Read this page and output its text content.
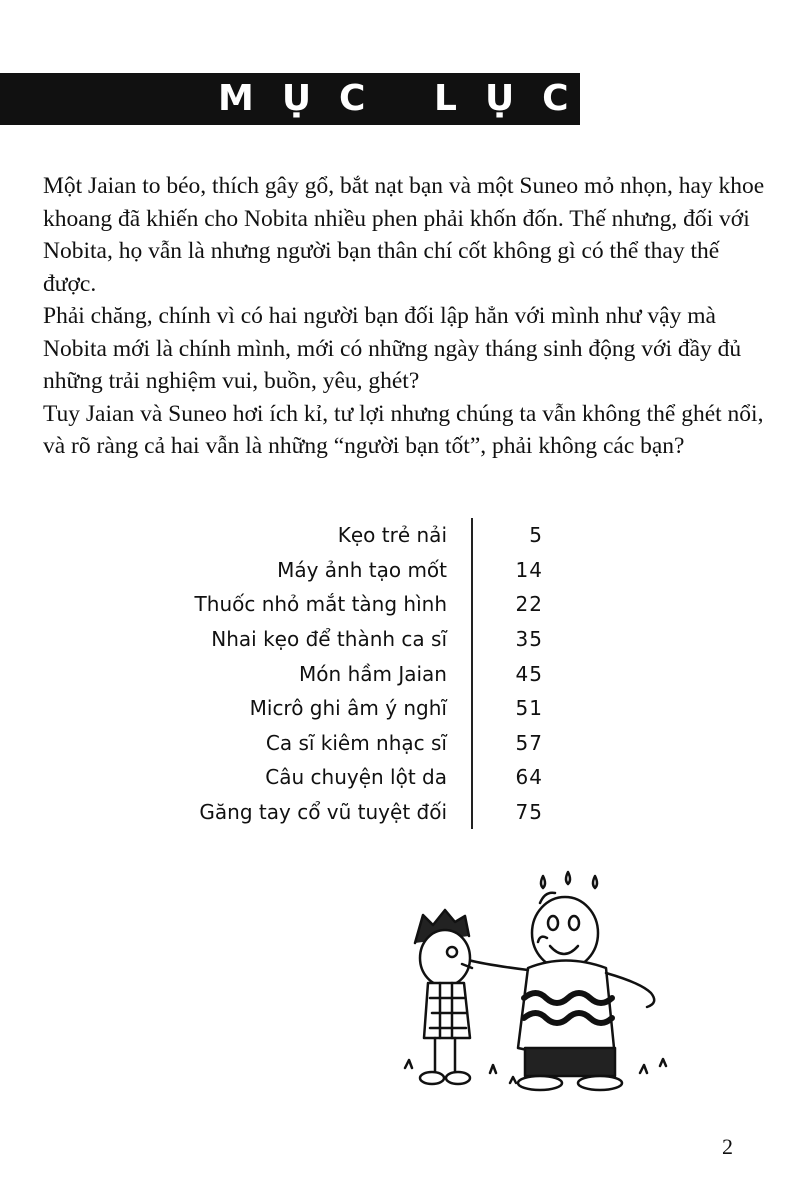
MỤC LỤC

Một Jaian to béo, thích gây gổ, bắt nạt bạn và một Suneo mỏ nhọn, hay khoe khoang đã khiến cho Nobita nhiều phen phải khốn đốn. Thế nhưng, đối với Nobita, họ vẫn là nhưng người bạn thân chí cốt không gì có thể thay thế được.

Phải chăng, chính vì có hai người bạn đối lập hẳn với mình như vậy mà Nobita mới là chính mình, mới có những ngày tháng sinh động với đầy đủ những trải nghiệm vui, buồn, yêu, ghét?

Tuy Jaian và Suneo hơi ích kỉ, tư lợi nhưng chúng ta vẫn không thể ghét nổi, và rõ ràng cả hai vẫn là những “người bạn tốt”, phải không các bạn?

Kẹo trẻ nải	5
Máy ảnh tạo mốt	14
Thuốc nhỏ mắt tàng hình	22
Nhai kẹo để thành ca sĩ	35
Món hầm Jaian	45
Micrô ghi âm ý nghĩ	51
Ca sĩ kiêm nhạc sĩ	57
Câu chuyện lột da	64
Găng tay cổ vũ tuyệt đối	75
2
